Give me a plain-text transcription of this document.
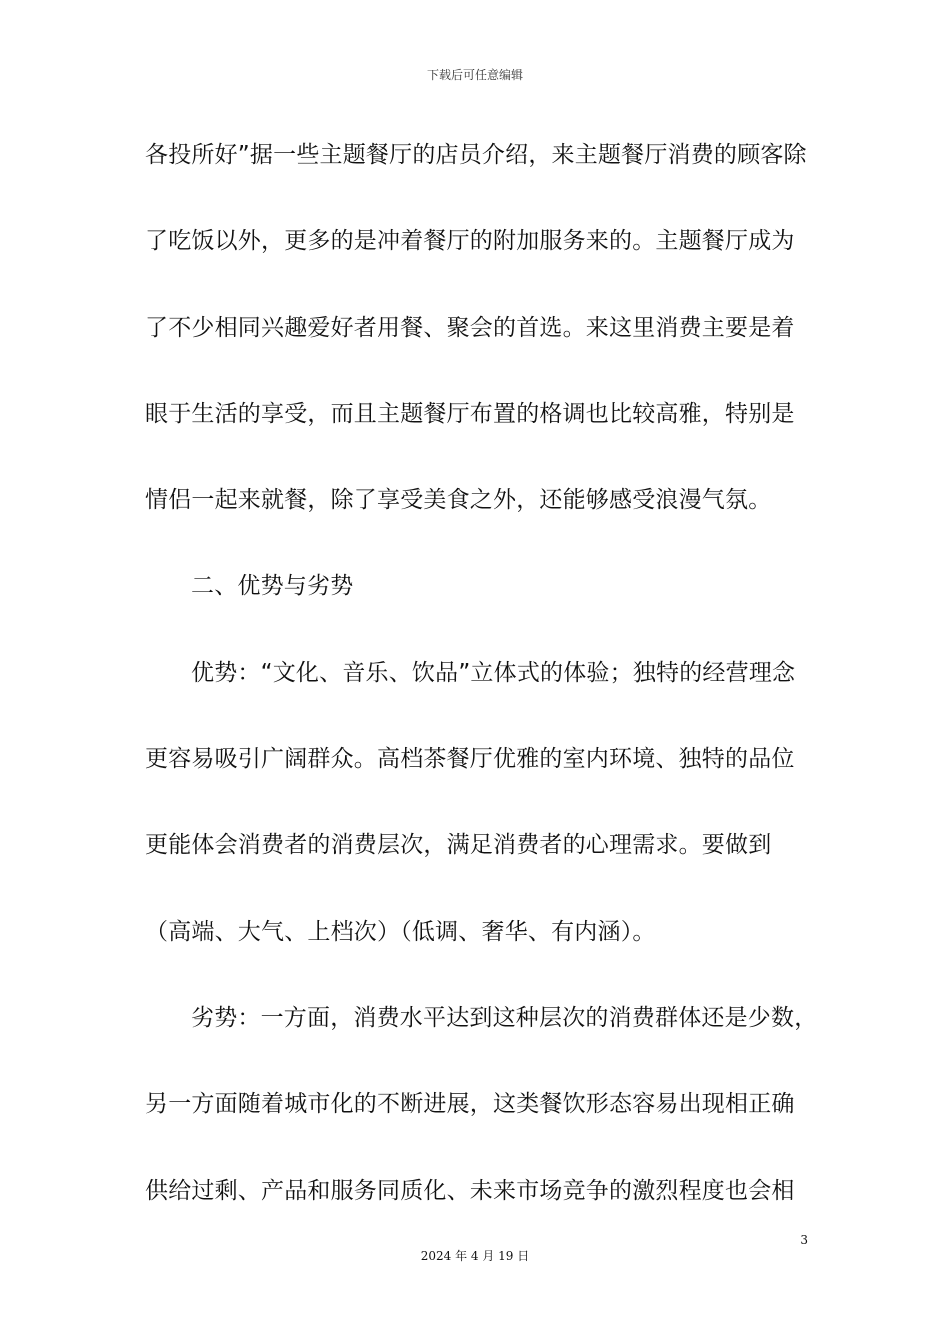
下载后可任意编辑
各投所好”据一些主题餐厅的店员介绍，来主题餐厅消费的顾客除
了吃饭以外，更多的是冲着餐厅的附加服务来的。主题餐厅成为
了不少相同兴趣爱好者用餐、聚会的首选。来这里消费主要是着
眼于生活的享受，而且主题餐厅布置的格调也比较高雅，特别是
情侣一起来就餐，除了享受美食之外，还能够感受浪漫气氛。
二、优势与劣势
优势：“文化、音乐、饮品”立体式的体验；独特的经营理念
更容易吸引广阔群众。高档茶餐厅优雅的室内环境、独特的品位
更能体会消费者的消费层次，满足消费者的心理需求。要做到
（高端、大气、上档次）（低调、奢华、有内涵）。
劣势：一方面，消费水平达到这种层次的消费群体还是少数，
另一方面随着城市化的不断进展，这类餐饮形态容易出现相正确
供给过剩、产品和服务同质化、未来市场竞争的激烈程度也会相
3
2024 年 4 月 19 日
